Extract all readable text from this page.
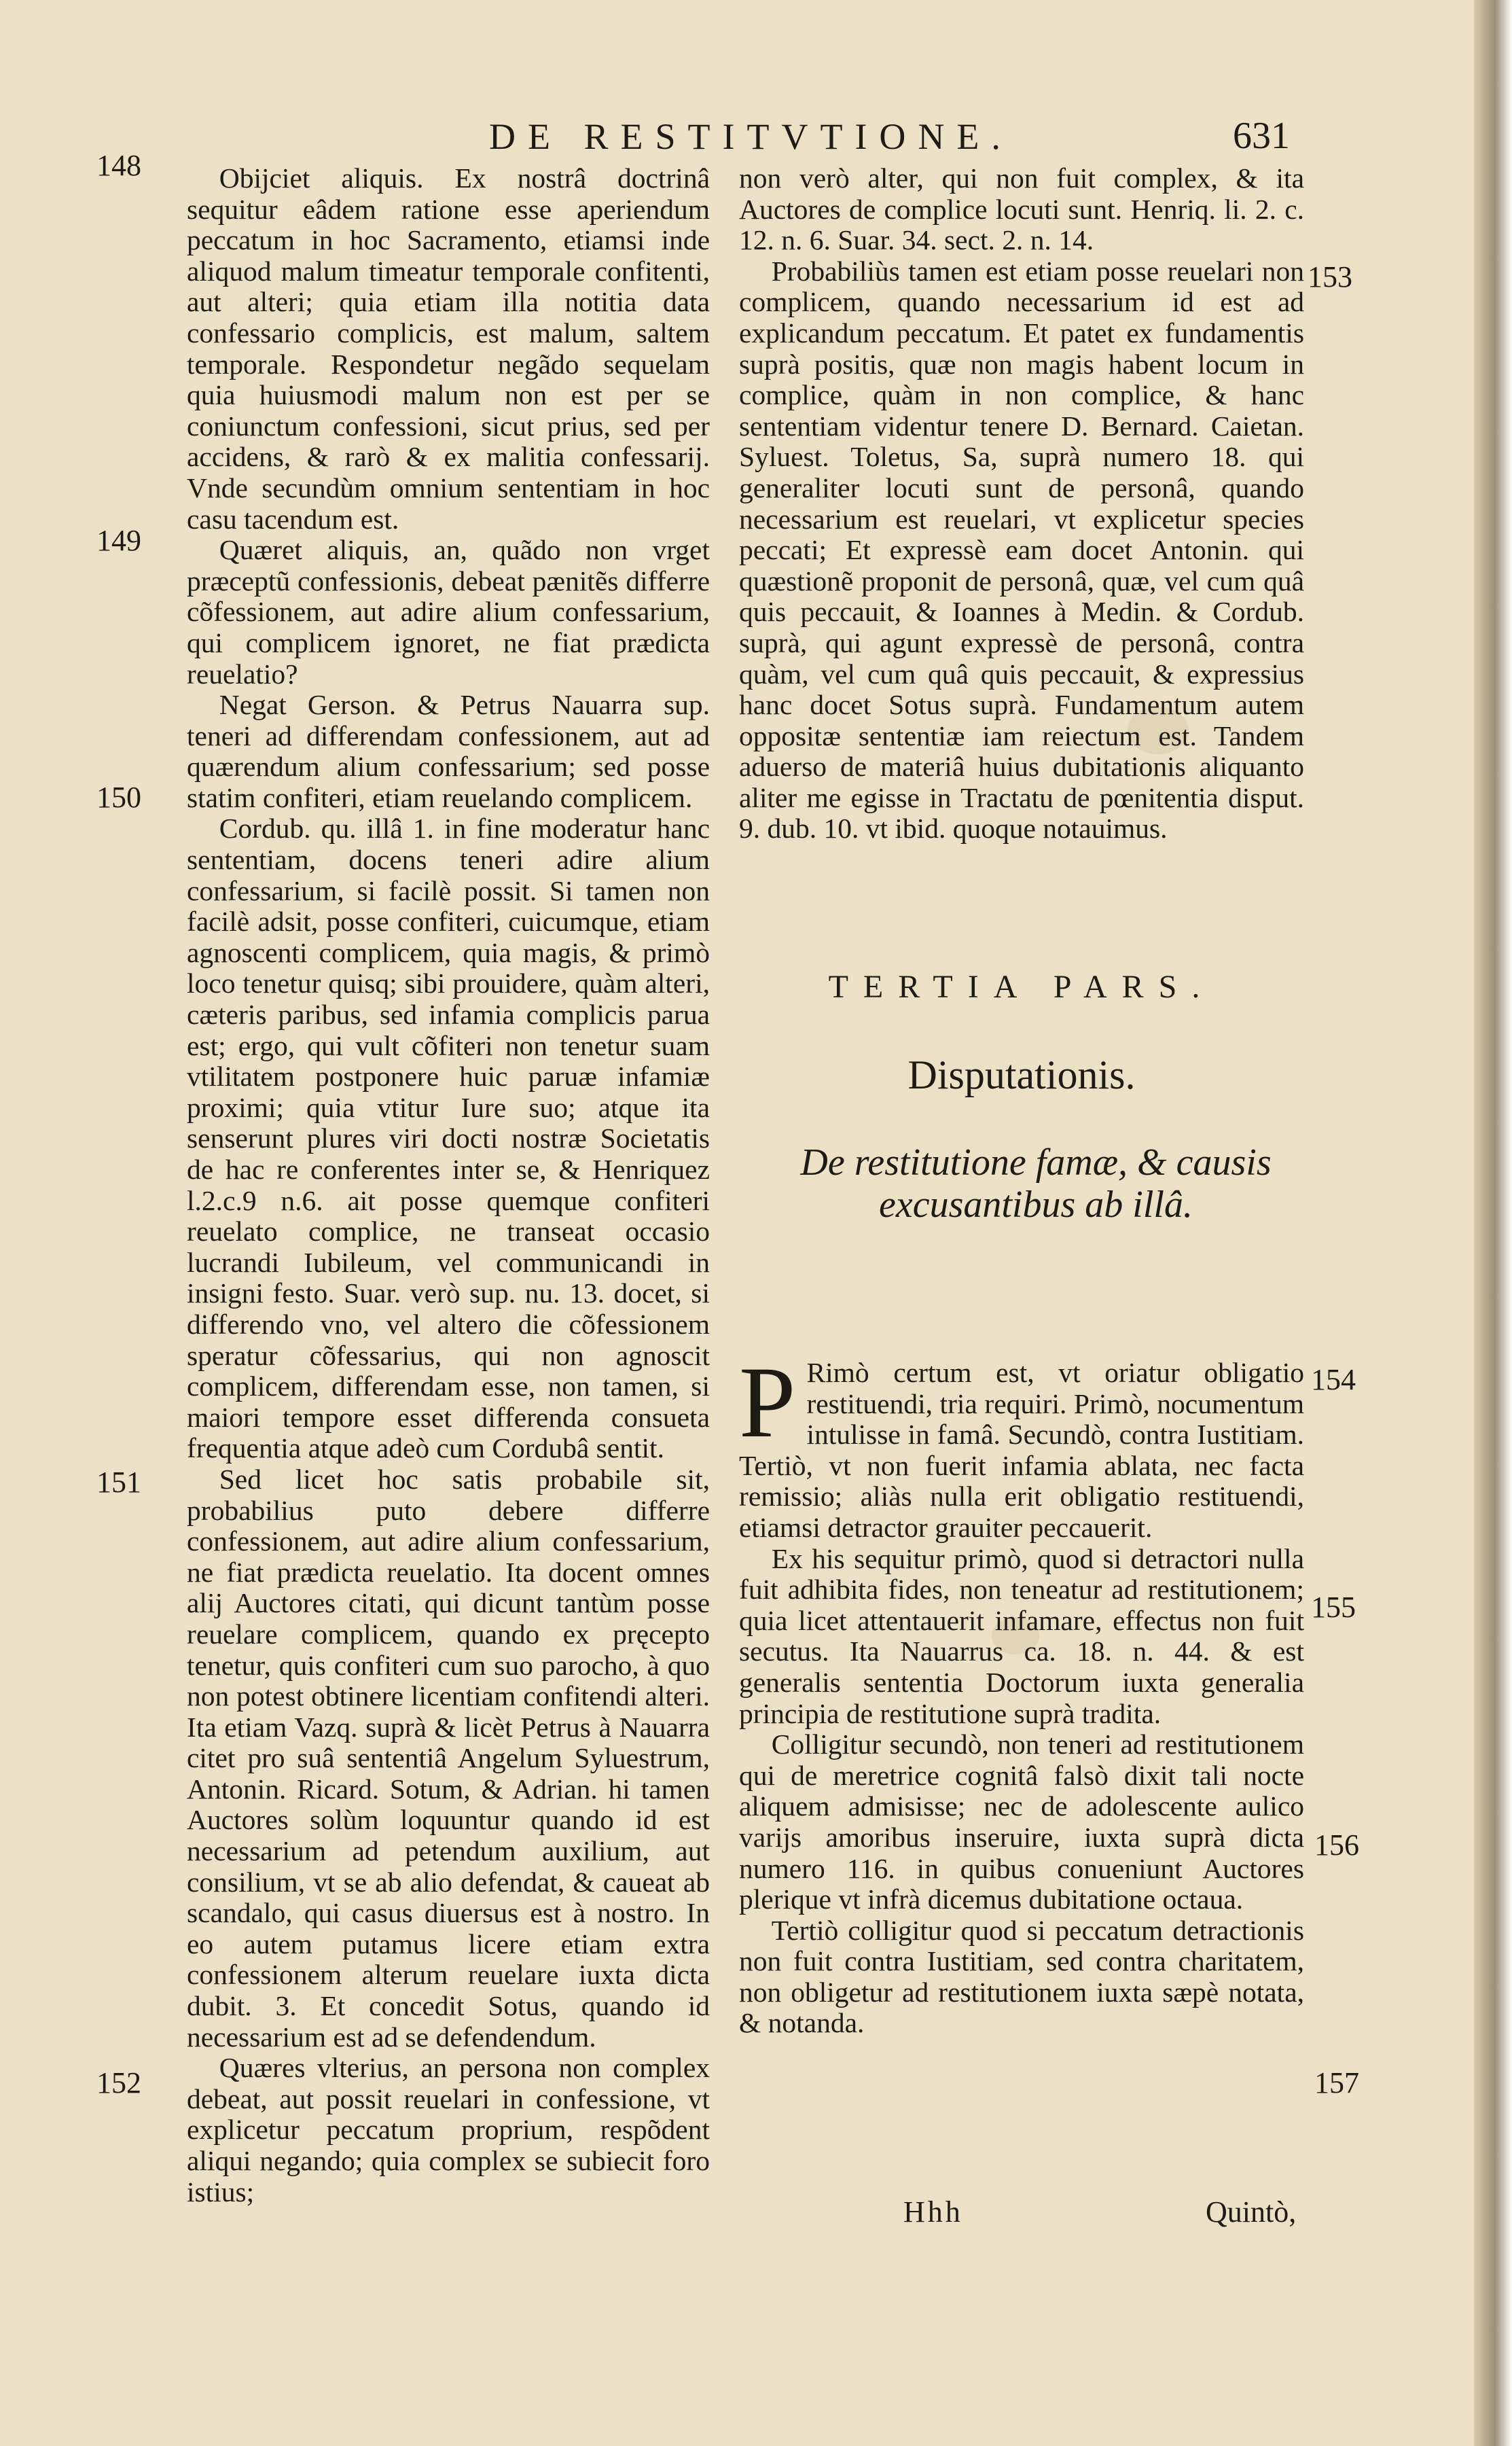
DE RESTITVTIONE.	631
148
149
150
151
152
153
154
155
156
157

Obijciet aliquis. Ex nostrâ doctrinâ sequitur eâdem ratione esse aperiendum peccatum in hoc Sacramento, etiamsi inde aliquod malum timeatur temporale confitenti, aut alteri; quia etiam illa notitia data confessario complicis, est malum, saltem temporale. Respondetur negãdo sequelam quia huiusmodi malum non est per se coniunctum confessioni, sicut prius, sed per accidens, & rarò & ex malitia confessarij. Vnde secundùm omnium sententiam in hoc casu tacendum est.

Quæret aliquis, an, quãdo non vrget præceptũ confessionis, debeat pænitẽs differre cõfessionem, aut adire alium confessarium, qui complicem ignoret, ne fiat prædicta reuelatio?

Negat Gerson. & Petrus Nauarra sup. teneri ad differendam confessionem, aut ad quærendum alium confessarium; sed posse statim confiteri, etiam reuelando complicem.

Cordub. qu. illâ 1. in fine moderatur hanc sententiam, docens teneri adire alium confessarium, si facilè possit. Si tamen non facilè adsit, posse confiteri, cuicumque, etiam agnoscenti complicem, quia magis, & primò loco tenetur quisq; sibi prouidere, quàm alteri, cæteris paribus, sed infamia complicis parua est; ergo, qui vult cõfiteri non tenetur suam vtilitatem postponere huic paruæ infamiæ proximi; quia vtitur Iure suo; atque ita senserunt plures viri docti nostræ Societatis de hac re conferentes inter se, & Henriquez l.2.c.9 n.6. ait posse quemque confiteri reuelato complice, ne transeat occasio lucrandi Iubileum, vel communicandi in insigni festo. Suar. verò sup. nu. 13. docet, si differendo vno, vel altero die cõfessionem speratur cõfessarius, qui non agnoscit complicem, differendam esse, non tamen, si maiori tempore esset differenda consueta frequentia atque adeò cum Cordubâ sentit.

Sed licet hoc satis probabile sit, probabilius puto debere differre confessionem, aut adire alium confessarium, ne fiat prædicta reuelatio. Ita docent omnes alij Auctores citati, qui dicunt tantùm posse reuelare complicem, quando ex pręcepto tenetur, quis confiteri cum suo parocho, à quo non potest obtinere licentiam confitendi alteri. Ita etiam Vazq. suprà & licèt Petrus à Nauarra citet pro suâ sententiâ Angelum Syluestrum, Antonin. Ricard. Sotum, & Adrian. hi tamen Auctores solùm loquuntur quando id est necessarium ad petendum auxilium, aut consilium, vt se ab alio defendat, & caueat ab scandalo, qui casus diuersus est à nostro. In eo autem putamus licere etiam extra confessionem alterum reuelare iuxta dicta dubit. 3. Et concedit Sotus, quando id necessarium est ad se defendendum.

Quæres vlterius, an persona non complex debeat, aut possit reuelari in confessione, vt explicetur peccatum proprium, respõdent aliqui negando; quia complex se subiecit foro istius;

non verò alter, qui non fuit complex, & ita Auctores de complice locuti sunt. Henriq. li. 2. c. 12. n. 6. Suar. 34. sect. 2. n. 14.

Probabiliùs tamen est etiam posse reuelari non complicem, quando necessarium id est ad explicandum peccatum. Et patet ex fundamentis suprà positis, quæ non magis habent locum in complice, quàm in non complice, & hanc sententiam videntur tenere D. Bernard. Caietan. Syluest. Toletus, Sa, suprà numero 18. qui generaliter locuti sunt de personâ, quando necessarium est reuelari, vt explicetur species peccati; Et expressè eam docet Antonin. qui quæstionẽ proponit de personâ, quæ, vel cum quâ quis peccauit, & Ioannes à Medin. & Cordub. suprà, qui agunt expressè de personâ, contra quàm, vel cum quâ quis peccauit, & expressius hanc docet Sotus suprà. Fundamentum autem oppositæ sententiæ iam reiectum est. Tandem aduerso de materiâ huius dubitationis aliquanto aliter me egisse in Tractatu de pœnitentia disput. 9. dub. 10. vt ibid. quoque notauimus.

TERTIA PARS.
Disputationis.
De restitutione famæ, & causis excusantibus ab illâ.

P Rimò certum est, vt oriatur obligatio restituendi, tria requiri. Primò, nocumentum intulisse in famâ. Secundò, contra Iustitiam. Tertiò, vt non fuerit infamia ablata, nec facta remissio; aliàs nulla erit obligatio restituendi, etiamsi detractor grauiter peccauerit.

Ex his sequitur primò, quod si detractori nulla fuit adhibita fides, non teneatur ad restitutionem; quia licet attentauerit infamare, effectus non fuit secutus. Ita Nauarrus ca. 18. n. 44. & est generalis sententia Doctorum iuxta generalia principia de restitutione suprà tradita.

Colligitur secundò, non teneri ad restitutionem qui de meretrice cognitâ falsò dixit tali nocte aliquem admisisse; nec de adolescente aulico varijs amoribus inseruire, iuxta suprà dicta numero 116. in quibus conueniunt Auctores plerique vt infrà dicemus dubitatione octaua.

Tertiò colligitur quod si peccatum detractionis non fuit contra Iustitiam, sed contra charitatem, non obligetur ad restitutionem iuxta sæpè notata, & notanda.

Hhh	Quintò,
